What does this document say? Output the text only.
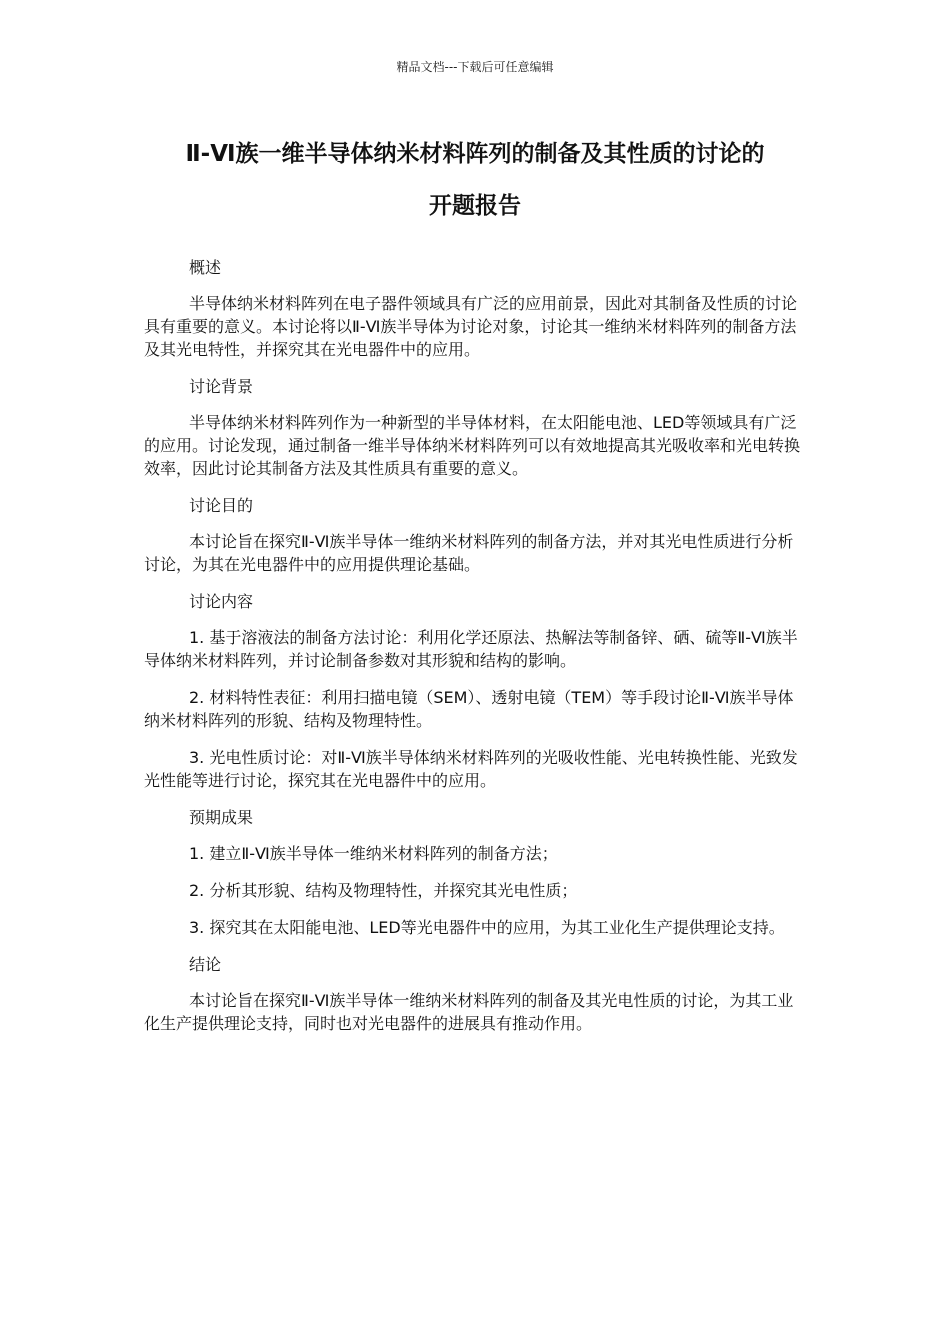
精品文档---下载后可任意编辑
Ⅱ-Ⅵ族一维半导体纳米材料阵列的制备及其性质的讨论的
开题报告

概述

半导体纳米材料阵列在电子器件领域具有广泛的应用前景，因此对其制备及性质的讨论具有重要的意义。本讨论将以Ⅱ-Ⅵ族半导体为讨论对象，讨论其一维纳米材料阵列的制备方法及其光电特性，并探究其在光电器件中的应用。

讨论背景

半导体纳米材料阵列作为一种新型的半导体材料，在太阳能电池、LED等领域具有广泛的应用。讨论发现，通过制备一维半导体纳米材料阵列可以有效地提高其光吸收率和光电转换效率，因此讨论其制备方法及其性质具有重要的意义。

讨论目的

本讨论旨在探究Ⅱ-Ⅵ族半导体一维纳米材料阵列的制备方法，并对其光电性质进行分析讨论，为其在光电器件中的应用提供理论基础。

讨论内容

1. 基于溶液法的制备方法讨论：利用化学还原法、热解法等制备锌、硒、硫等Ⅱ-Ⅵ族半导体纳米材料阵列，并讨论制备参数对其形貌和结构的影响。

2. 材料特性表征：利用扫描电镜（SEM）、透射电镜（TEM）等手段讨论Ⅱ-Ⅵ族半导体纳米材料阵列的形貌、结构及物理特性。

3. 光电性质讨论：对Ⅱ-Ⅵ族半导体纳米材料阵列的光吸收性能、光电转换性能、光致发光性能等进行讨论，探究其在光电器件中的应用。

预期成果

1. 建立Ⅱ-Ⅵ族半导体一维纳米材料阵列的制备方法；

2. 分析其形貌、结构及物理特性，并探究其光电性质；

3. 探究其在太阳能电池、LED等光电器件中的应用，为其工业化生产提供理论支持。

结论

本讨论旨在探究Ⅱ-Ⅵ族半导体一维纳米材料阵列的制备及其光电性质的讨论，为其工业化生产提供理论支持，同时也对光电器件的进展具有推动作用。
